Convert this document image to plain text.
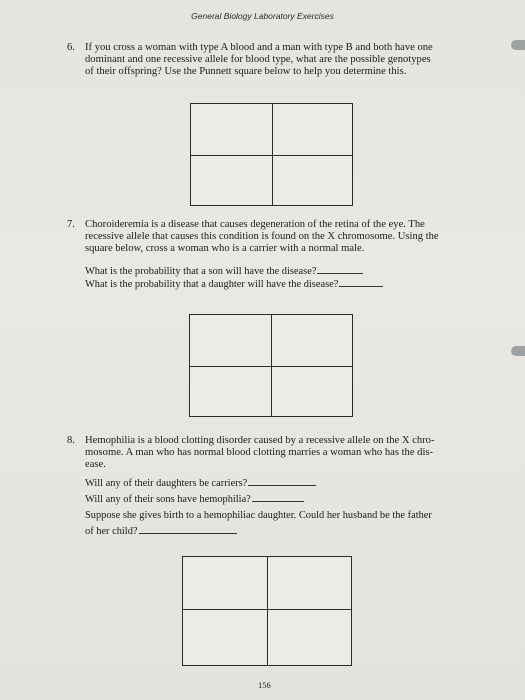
General Biology Laboratory Exercises
6. If you cross a woman with type A blood and a man with type B and both have one
dominant and one recessive allele for blood type, what are the possible genotypes
of their offspring? Use the Punnett square below to help you determine this.
7. Choroideremia is a disease that causes degeneration of the retina of the eye. The
recessive allele that causes this condition is found on the X chromosome. Using the
square below, cross a woman who is a carrier with a normal male.
What is the probability that a son will have the disease?
What is the probability that a daughter will have the disease?
8. Hemophilia is a blood clotting disorder caused by a recessive allele on the X chro-
mosome. A man who has normal blood clotting marries a woman who has the dis-
ease.
Will any of their daughters be carriers?
Will any of their sons have hemophilia?
Suppose she gives birth to a hemophiliac daughter. Could her husband be the father
of her child?
156
